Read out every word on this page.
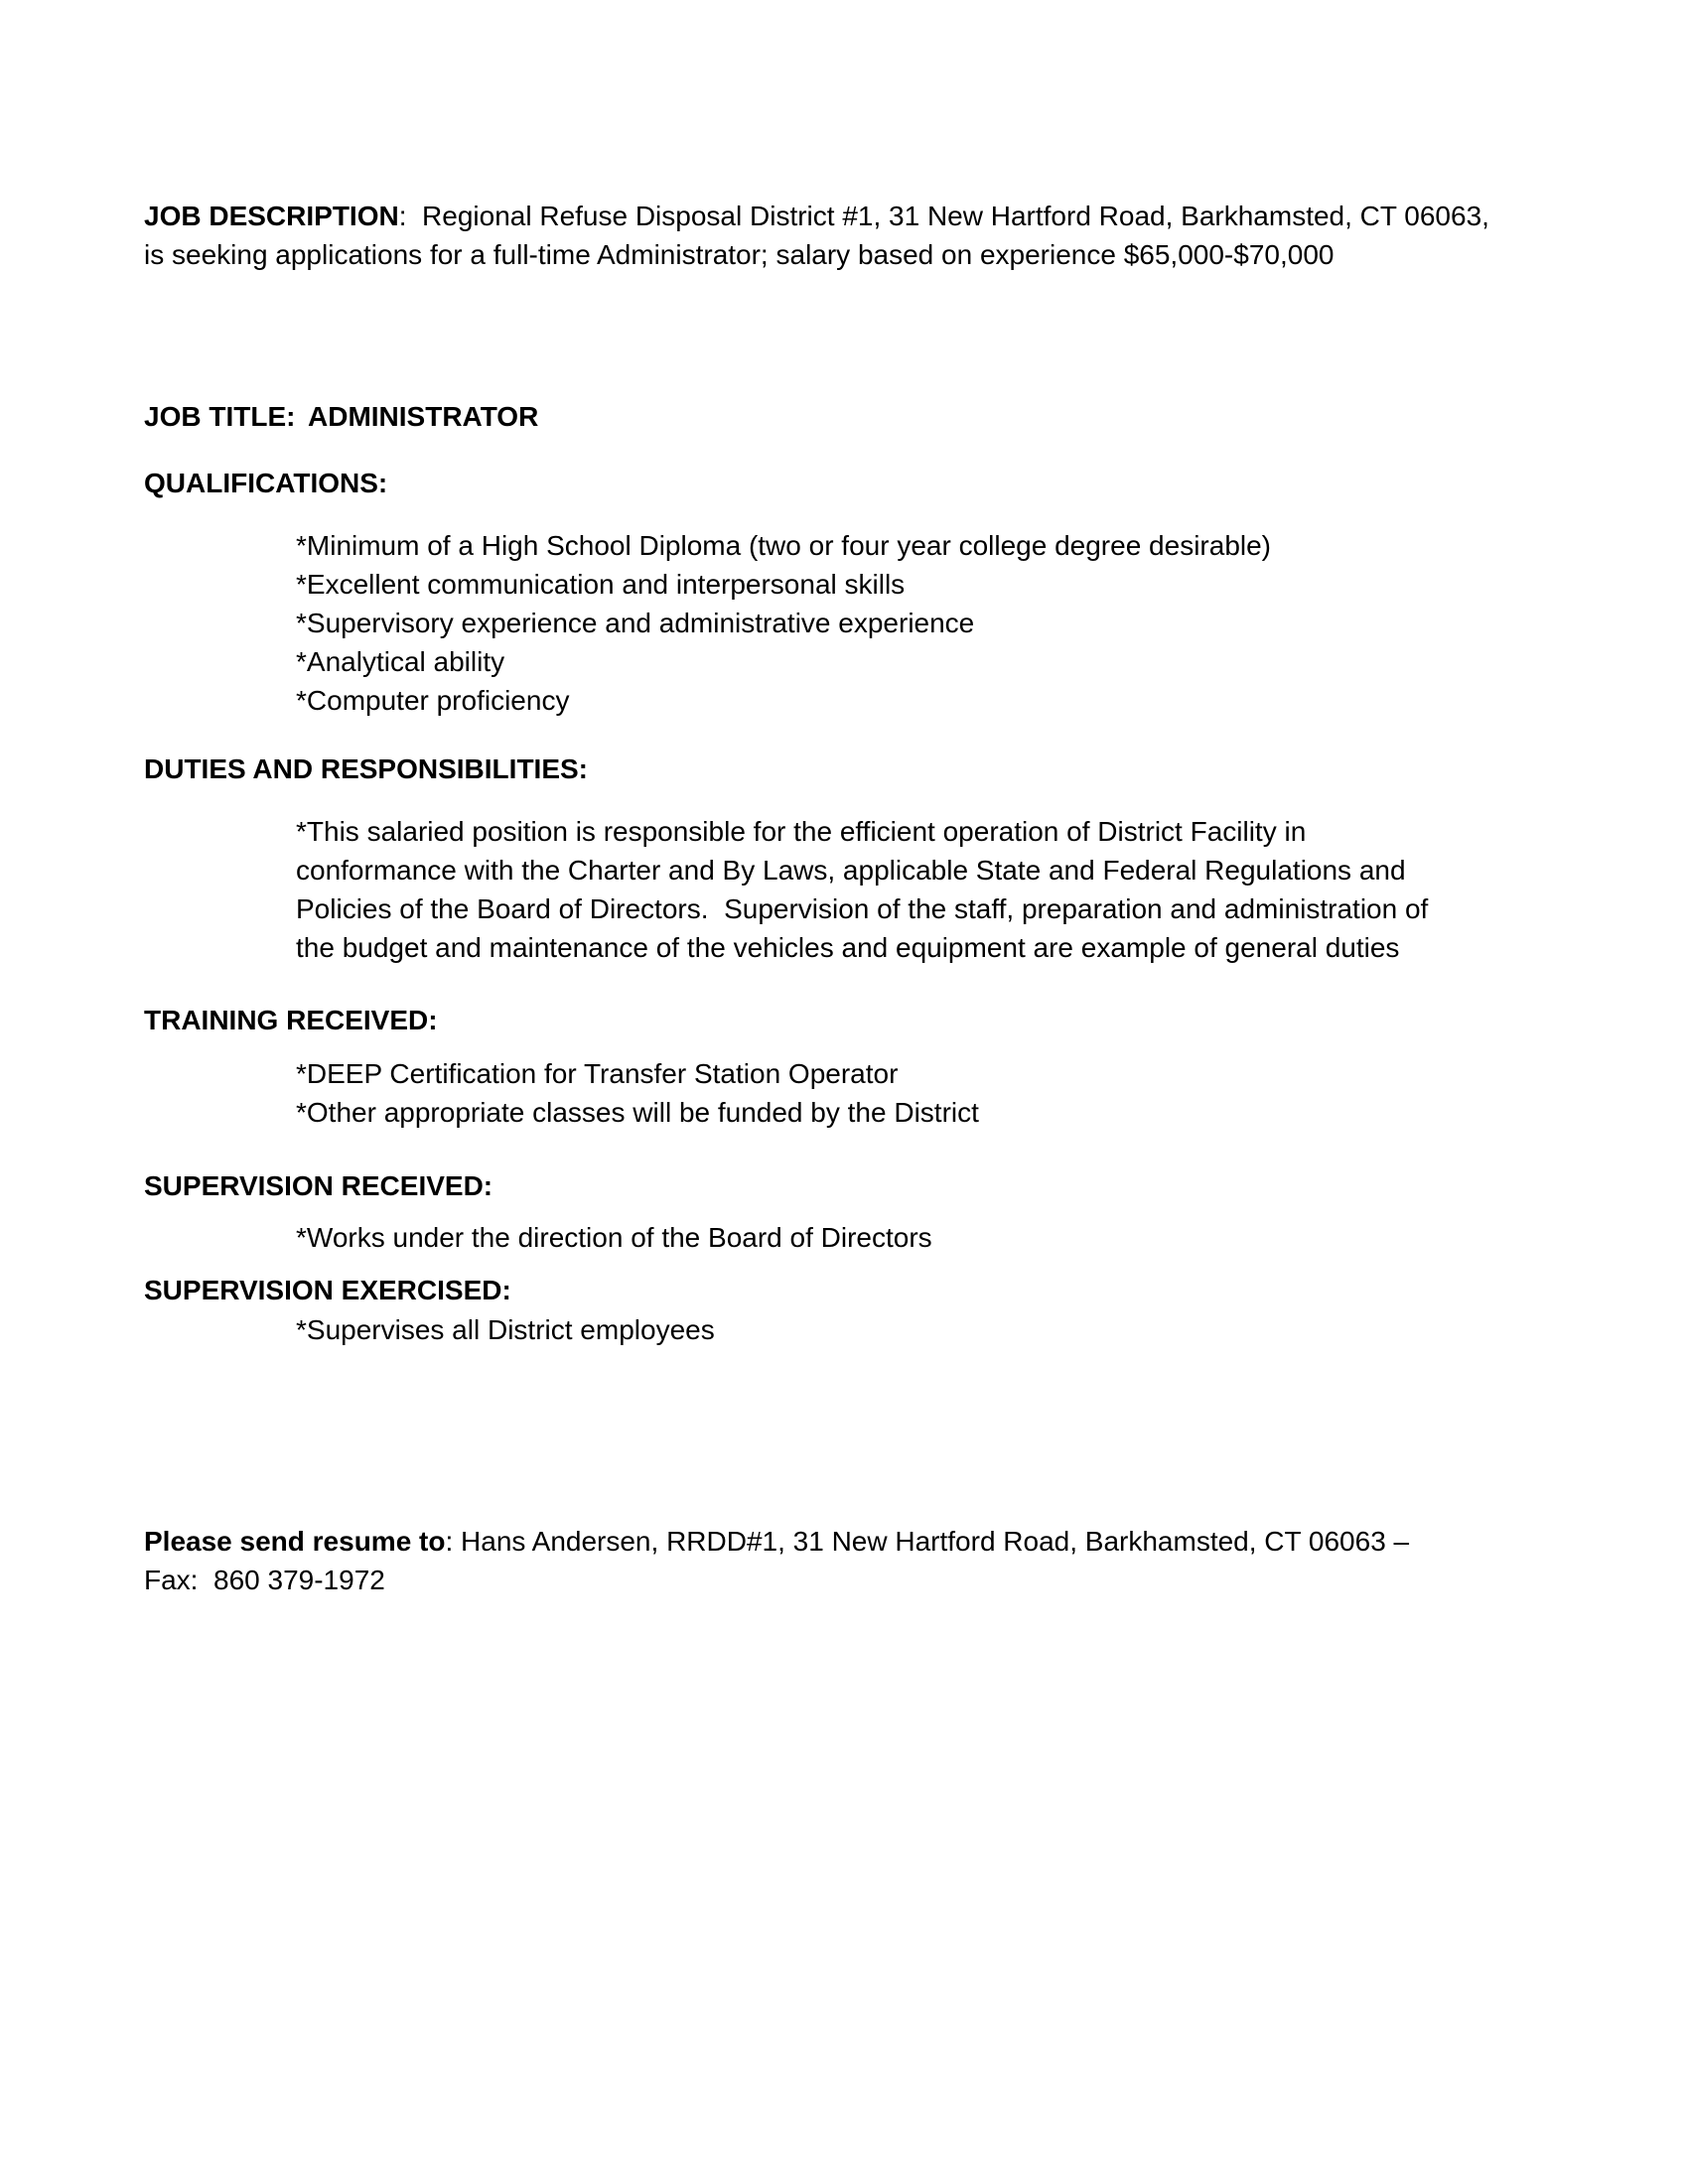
JOB DESCRIPTION:  Regional Refuse Disposal District #1, 31 New Hartford Road, Barkhamsted, CT 06063,
is seeking applications for a full-time Administrator; salary based on experience $65,000-$70,000
JOB TITLE: ADMINISTRATOR
QUALIFICATIONS:
*Minimum of a High School Diploma (two or four year college degree desirable)
*Excellent communication and interpersonal skills
*Supervisory experience and administrative experience
*Analytical ability
*Computer proficiency
DUTIES AND RESPONSIBILITIES:
*This salaried position is responsible for the efficient operation of District Facility in
conformance with the Charter and By Laws, applicable State and Federal Regulations and
Policies of the Board of Directors.  Supervision of the staff, preparation and administration of
the budget and maintenance of the vehicles and equipment are example of general duties
TRAINING RECEIVED:
*DEEP Certification for Transfer Station Operator
*Other appropriate classes will be funded by the District
SUPERVISION RECEIVED:
*Works under the direction of the Board of Directors
SUPERVISION EXERCISED:
*Supervises all District employees
Please send resume to: Hans Andersen, RRDD#1, 31 New Hartford Road, Barkhamsted, CT 06063 –
Fax:  860 379-1972
